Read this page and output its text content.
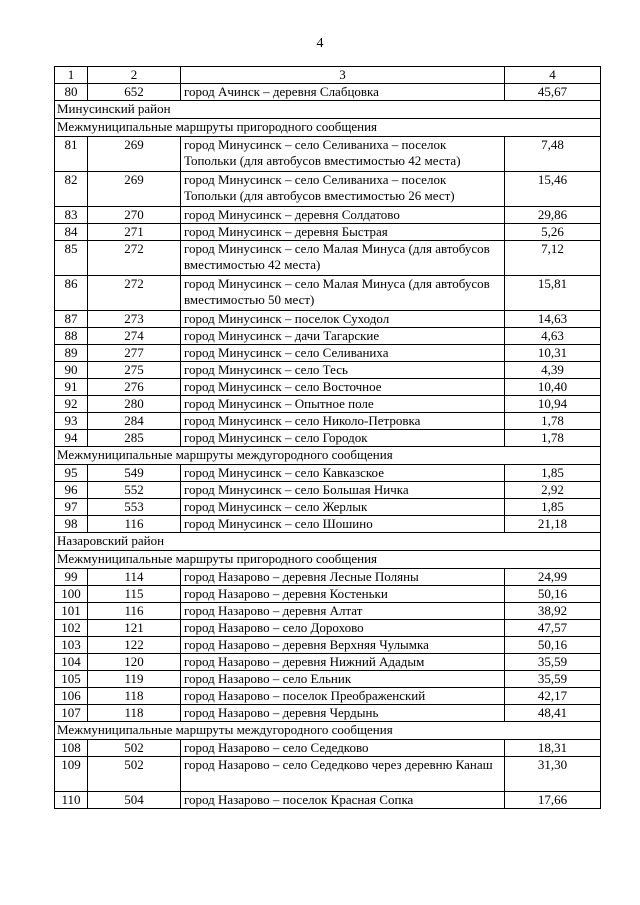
4
1	2	3	4
80	652	город Ачинск – деревня Слабцовка	45,67
Минусинский район			
Межмуниципальные маршруты пригородного сообщения			
81	269	город Минусинск – село Селиваниха – поселок Топольки (для автобусов вместимостью 42 места)	7,48
82	269	город Минусинск – село Селиваниха – поселок Топольки (для автобусов вместимостью 26 мест)	15,46
83	270	город Минусинск – деревня Солдатово	29,86
84	271	город Минусинск – деревня Быстрая	5,26
85	272	город Минусинск – село Малая Минуса (для автобусов вместимостью 42 места)	7,12
86	272	город Минусинск – село Малая Минуса (для автобусов вместимостью 50 мест)	15,81
87	273	город Минусинск – поселок Суходол	14,63
88	274	город Минусинск – дачи Тагарские	4,63
89	277	город Минусинск – село Селиваниха	10,31
90	275	город Минусинск – село Тесь	4,39
91	276	город Минусинск – село Восточное	10,40
92	280	город Минусинск – Опытное поле	10,94
93	284	город Минусинск – село Николо-Петровка	1,78
94	285	город Минусинск – село Городок	1,78
Межмуниципальные маршруты междугородного сообщения			
95	549	город Минусинск – село Кавказское	1,85
96	552	город Минусинск – село Большая Ничка	2,92
97	553	город Минусинск – село Жерлык	1,85
98	116	город Минусинск – село Шошино	21,18
Назаровский район			
Межмуниципальные маршруты пригородного сообщения			
99	114	город Назарово – деревня Лесные Поляны	24,99
100	115	город Назарово – деревня Костеньки	50,16
101	116	город Назарово – деревня Алтат	38,92
102	121	город Назарово – село Дорохово	47,57
103	122	город Назарово – деревня Верхняя Чулымка	50,16
104	120	город Назарово – деревня Нижний Ададым	35,59
105	119	город Назарово – село Ельник	35,59
106	118	город Назарово – поселок Преображенский	42,17
107	118	город Назарово – деревня Чердынь	48,41
Межмуниципальные маршруты междугородного сообщения			
108	502	город Назарово – село Седедково	18,31
109	502	город Назарово – село Седедково через деревню Канаш	31,30
110	504	город Назарово – поселок Красная Сопка	17,66
